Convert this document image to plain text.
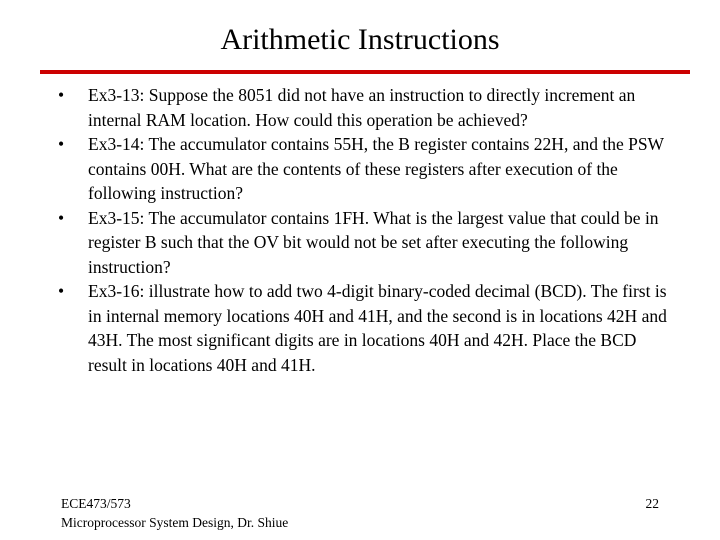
Arithmetic Instructions
• Ex3-13: Suppose the 8051 did not have an instruction to directly increment an internal RAM location. How could this operation be achieved?
• Ex3-14: The accumulator contains 55H, the B register contains 22H, and the PSW contains 00H. What are the contents of these registers after execution of the following instruction?
• Ex3-15: The accumulator contains 1FH. What is the largest value that could be in register B such that the OV bit would not be set after executing the following instruction?
• Ex3-16: illustrate how to add two 4-digit binary-coded decimal (BCD). The first is in internal memory locations 40H and 41H, and the second is in locations 42H and 43H. The most significant digits are in locations 40H and 42H. Place the BCD result in locations 40H and 41H.
ECE473/573
Microprocessor System Design, Dr. Shiue
22
